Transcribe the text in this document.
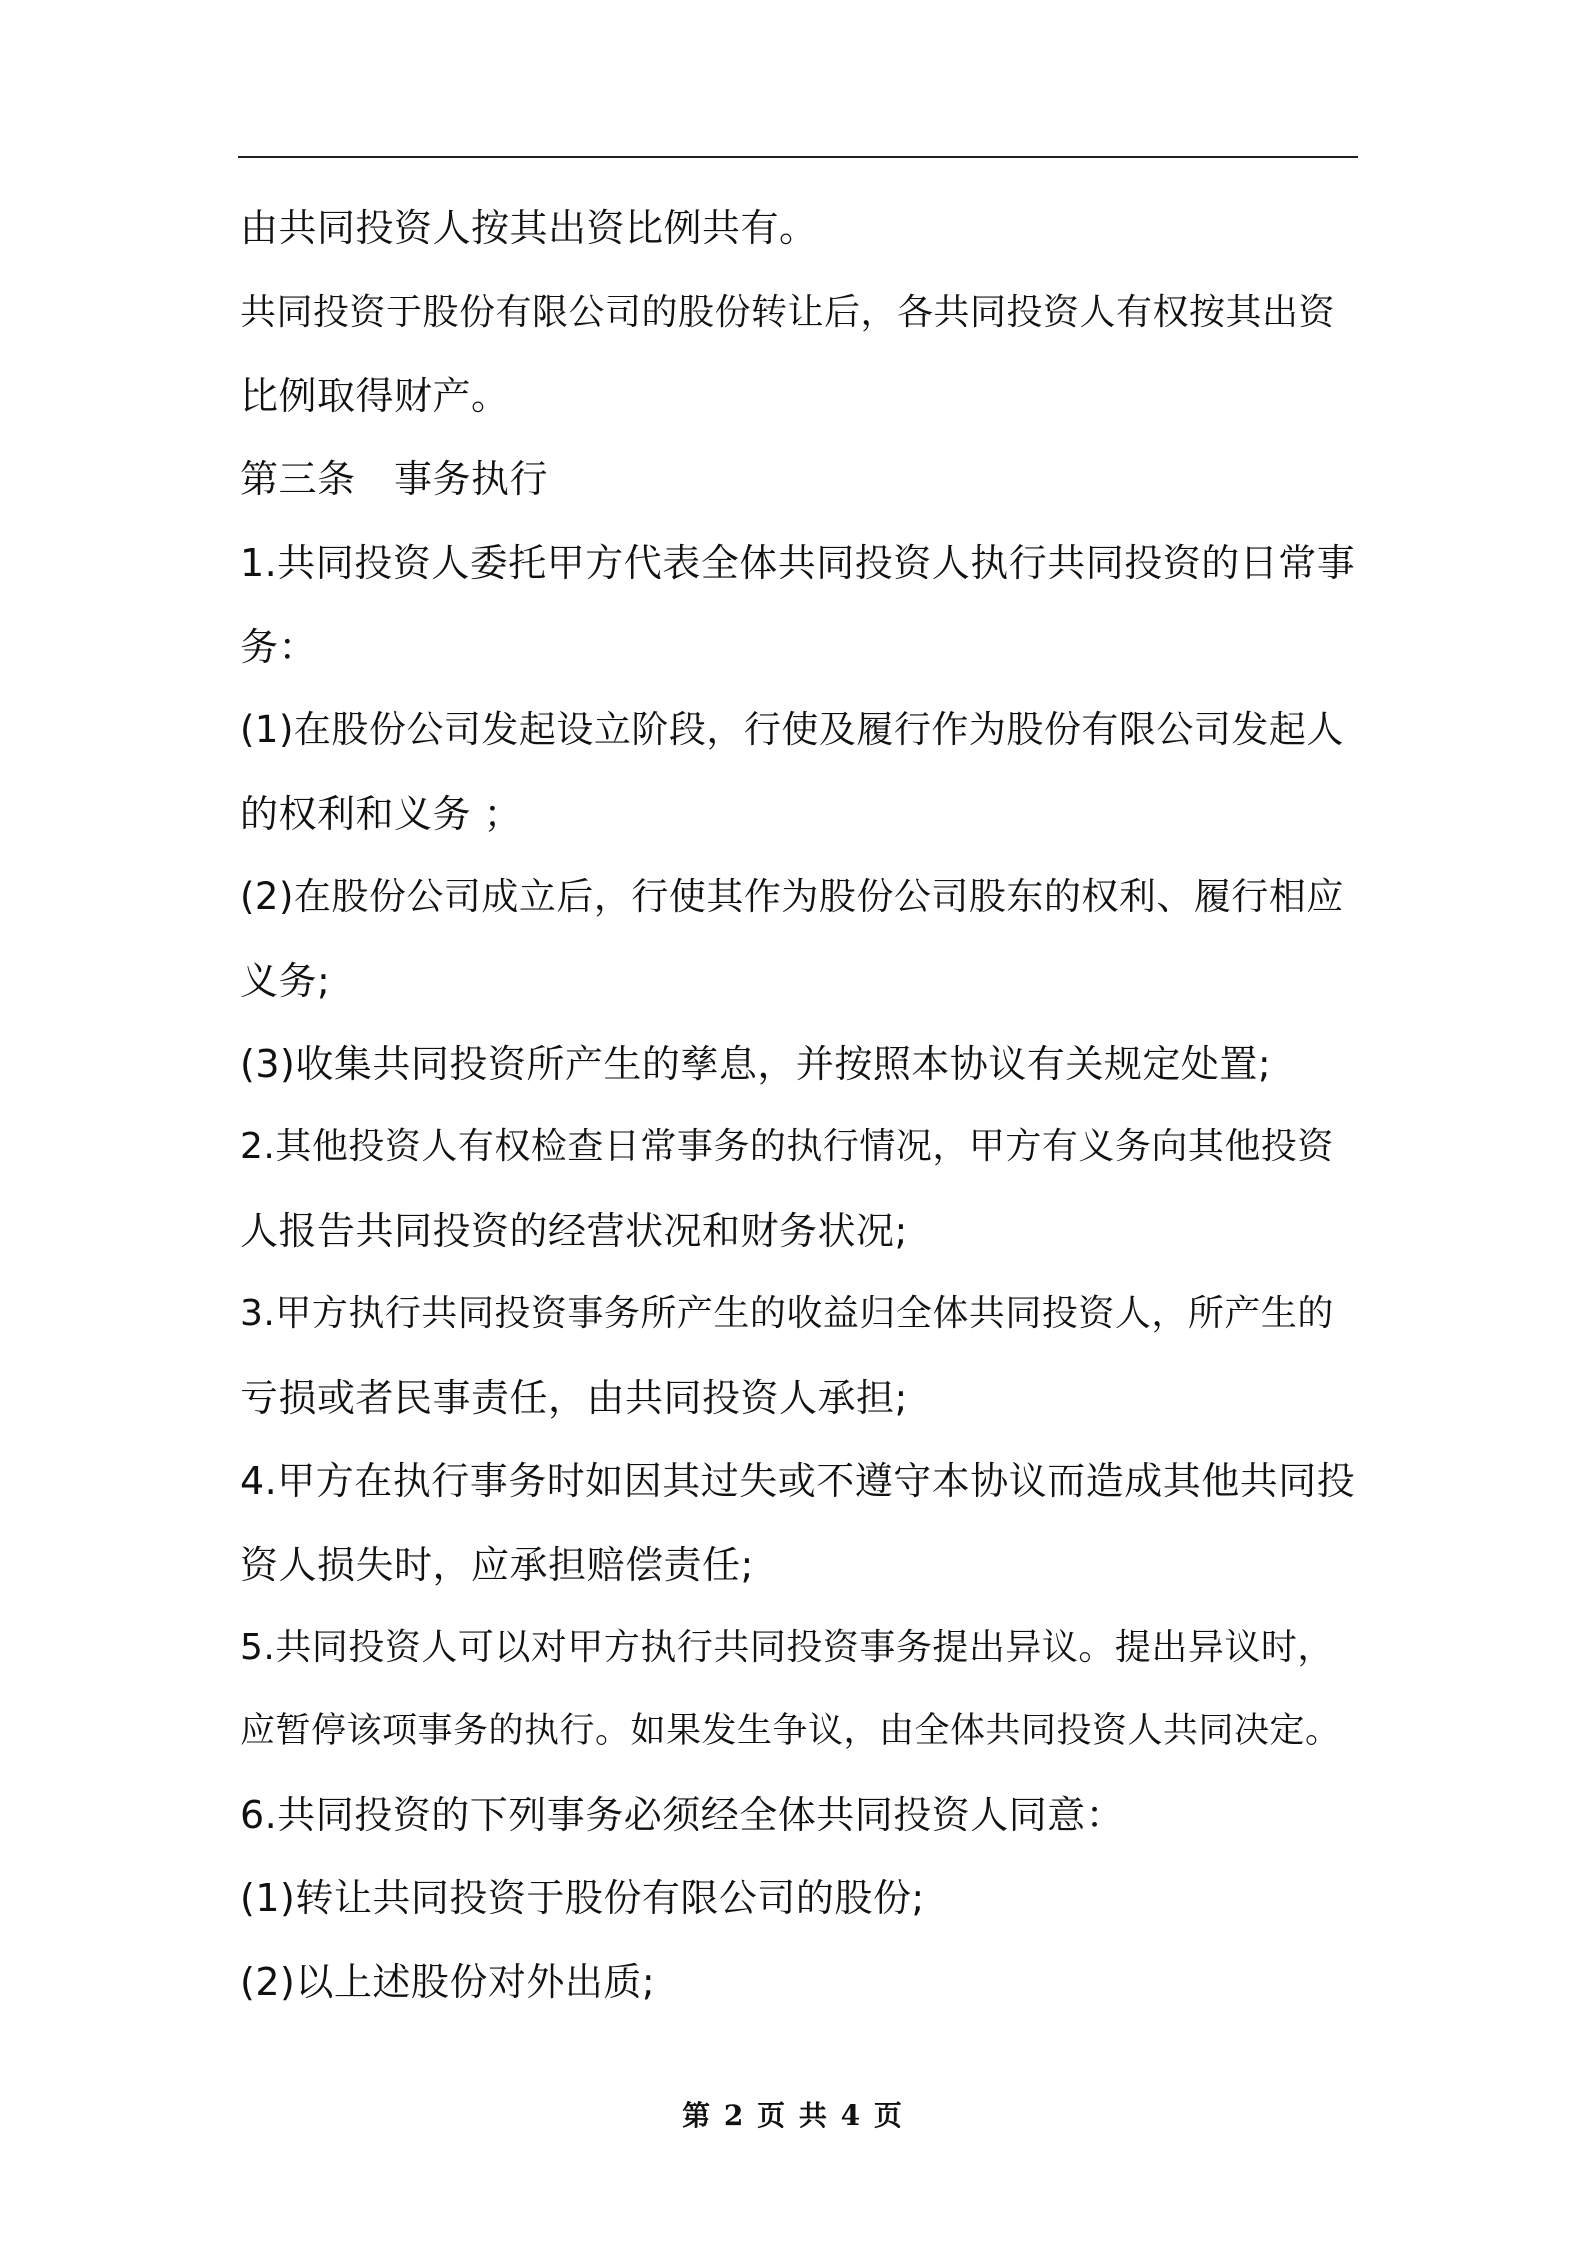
由共同投资人按其出资比例共有。
共同投资于股份有限公司的股份转让后，各共同投资人有权按其出资
比例取得财产。
第三条　事务执行
1.共同投资人委托甲方代表全体共同投资人执行共同投资的日常事
务：
(1)在股份公司发起设立阶段，行使及履行作为股份有限公司发起人
的权利和义务 ；
(2)在股份公司成立后，行使其作为股份公司股东的权利、履行相应
义务;
(3)收集共同投资所产生的孳息，并按照本协议有关规定处置;
2.其他投资人有权检查日常事务的执行情况，甲方有义务向其他投资
人报告共同投资的经营状况和财务状况;
3.甲方执行共同投资事务所产生的收益归全体共同投资人，所产生的
亏损或者民事责任，由共同投资人承担;
4.甲方在执行事务时如因其过失或不遵守本协议而造成其他共同投
资人损失时，应承担赔偿责任;
5.共同投资人可以对甲方执行共同投资事务提出异议。提出异议时，
应暂停该项事务的执行。如果发生争议，由全体共同投资人共同决定。
6.共同投资的下列事务必须经全体共同投资人同意：
(1)转让共同投资于股份有限公司的股份;
(2)以上述股份对外出质;
第 2 页 共 4 页
